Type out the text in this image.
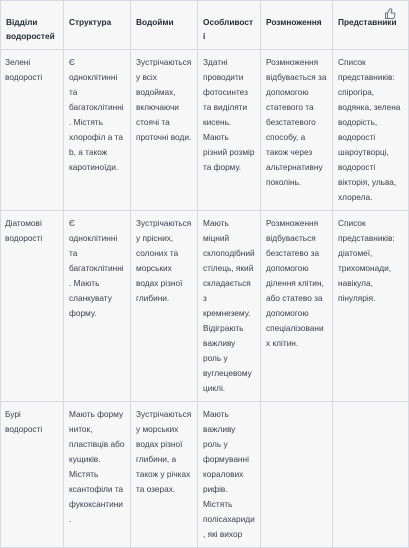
Відділи водоростей	Структура	Водойми	Особливості	Розмноження	Представники
Зелені водорості	Є одноклітинні та багатоклітинні. Містять хлорофіл a та b, а також каротиноїди.	Зустрічаються у всіх водоймах, включаючи стоячі та проточні води.	Здатні проводити фотосинтез та виділяти кисень. Мають різний розмір та форму.	Розмноження відбувається за допомогою статевого та безстатевого способу, а також через альтернативну поколінь.	Список представників: спірогіра, водянка, зелена водорість, водорості шароутворці, водорості вікторія, ульва, хлорела.
Діатомові водорості	Є одноклітинні та багатоклітинні. Мають сланкувату форму.	Зустрічаються у прісних, солоних та морських водах різної глибини.	Мають міцний склоподібний стілець, який складається з кремнезему. Відіграють важливу роль у вуглецевому циклі.	Розмноження відбувається безстатево за допомогою ділення клітин, або статево за допомогою спеціалізованих клітин.	Список представників: діатомеї, трихомонади, навікула, пінулярія.
Бурі водорості	Мають форму ниток, пластівців або кущиків. Містять ксантофіли та фукоксантини.	Зустрічаються у морських водах різної глибини, а також у річках та озерах.	Мають важливу роль у формуванні коралових рифів. Містять полісахариди, які вихор		
